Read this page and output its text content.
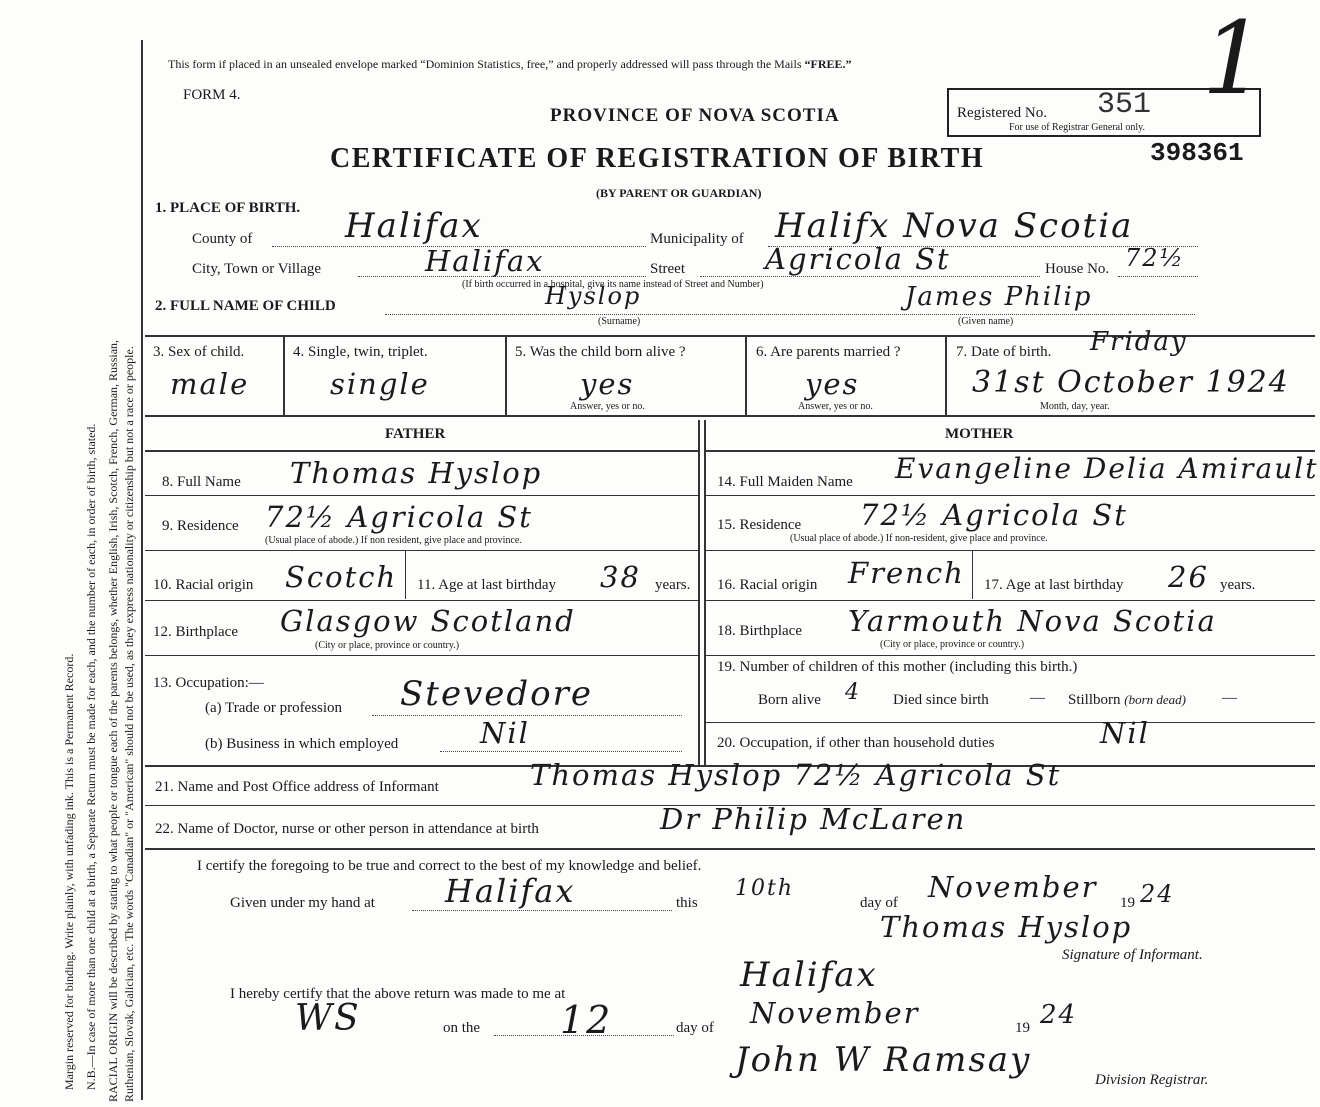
Margin reserved for binding. Write plainly, with unfading ink. This is a Permanent Record. N.B.—In case of more than one child at a birth, a Separate Return must be made for each, and the number of each, in order of birth, stated. RACIAL ORIGIN will be described by stating to what people or tongue each of the parents belongs, whether English, Irish, Scotch, French, German, Russian, Ruthenian, Slovak, Galician, etc. The words "Canadian" or "American" should not be used, as they express nationality or citizenship but not a race or people.
This form if placed in an unsealed envelope marked “Dominion Statistics, free,” and properly addressed will pass through the Mails “FREE.”
FORM 4.
PROVINCE OF NOVA SCOTIA
CERTIFICATE OF REGISTRATION OF BIRTH
(BY PARENT OR GUARDIAN)
Registered No. 351
For use of Registrar General only.
1
398361
1. PLACE OF BIRTH.
County of	Halifax	Municipality of Halifx Nova Scotia
City, Town or Village	Halifax	Street	Agricola St	House No. 72½
(If birth occurred in a hospital, give its name instead of Street and Number)
2. FULL NAME OF CHILD	Hyslop
(Surname)
James Philip
(Given name)
3. Sex of child.
male
4. Single, twin, triplet.
single
5. Was the child born alive ?
yes
Answer, yes or no.
6. Are parents married ?
yes
Answer, yes or no.
7. Date of birth. Friday
31st October 1924
Month, day, year.
FATHER	MOTHER
8. Full Name Thomas Hyslop	14. Full Maiden Name Evangeline Delia Amirault
9. Residence 72½ Agricola St
(Usual place of abode.) If non resident, give place and province.
15. Residence 72½ Agricola St
(Usual place of abode.) If non-resident, give place and province.
10. Racial origin Scotch 11. Age at last birthday 38 years. 16. Racial origin French 17. Age at last birthday 26 years.
12. Birthplace Glasgow Scotland
(City or place, province or country.)
18. Birthplace Yarmouth Nova Scotia
(City or place, province or country.)
13. Occupation:—
(a) Trade or profession Stevedore
(b) Business in which employed	Nil
19. Number of children of this mother (including this birth.)
Born alive 4 Died since birth	— Stillborn (born dead) —
20. Occupation, if other than household duties	Nil
21. Name and Post Office address of Informant	Thomas Hyslop 72½ Agricola St
22. Name of Doctor, nurse or other person in attendance at birth	Dr Philip McLaren
I certify the foregoing to be true and correct to the best of my knowledge and belief.
Given under my hand at Halifax	this
10th
day of November 19 24
Thomas Hyslop
Signature of Informant.
I hereby certify that the above return was made to me at	Halifax
WS	on the 12	day of November	19 24
John W Ramsay	Division Registrar.
